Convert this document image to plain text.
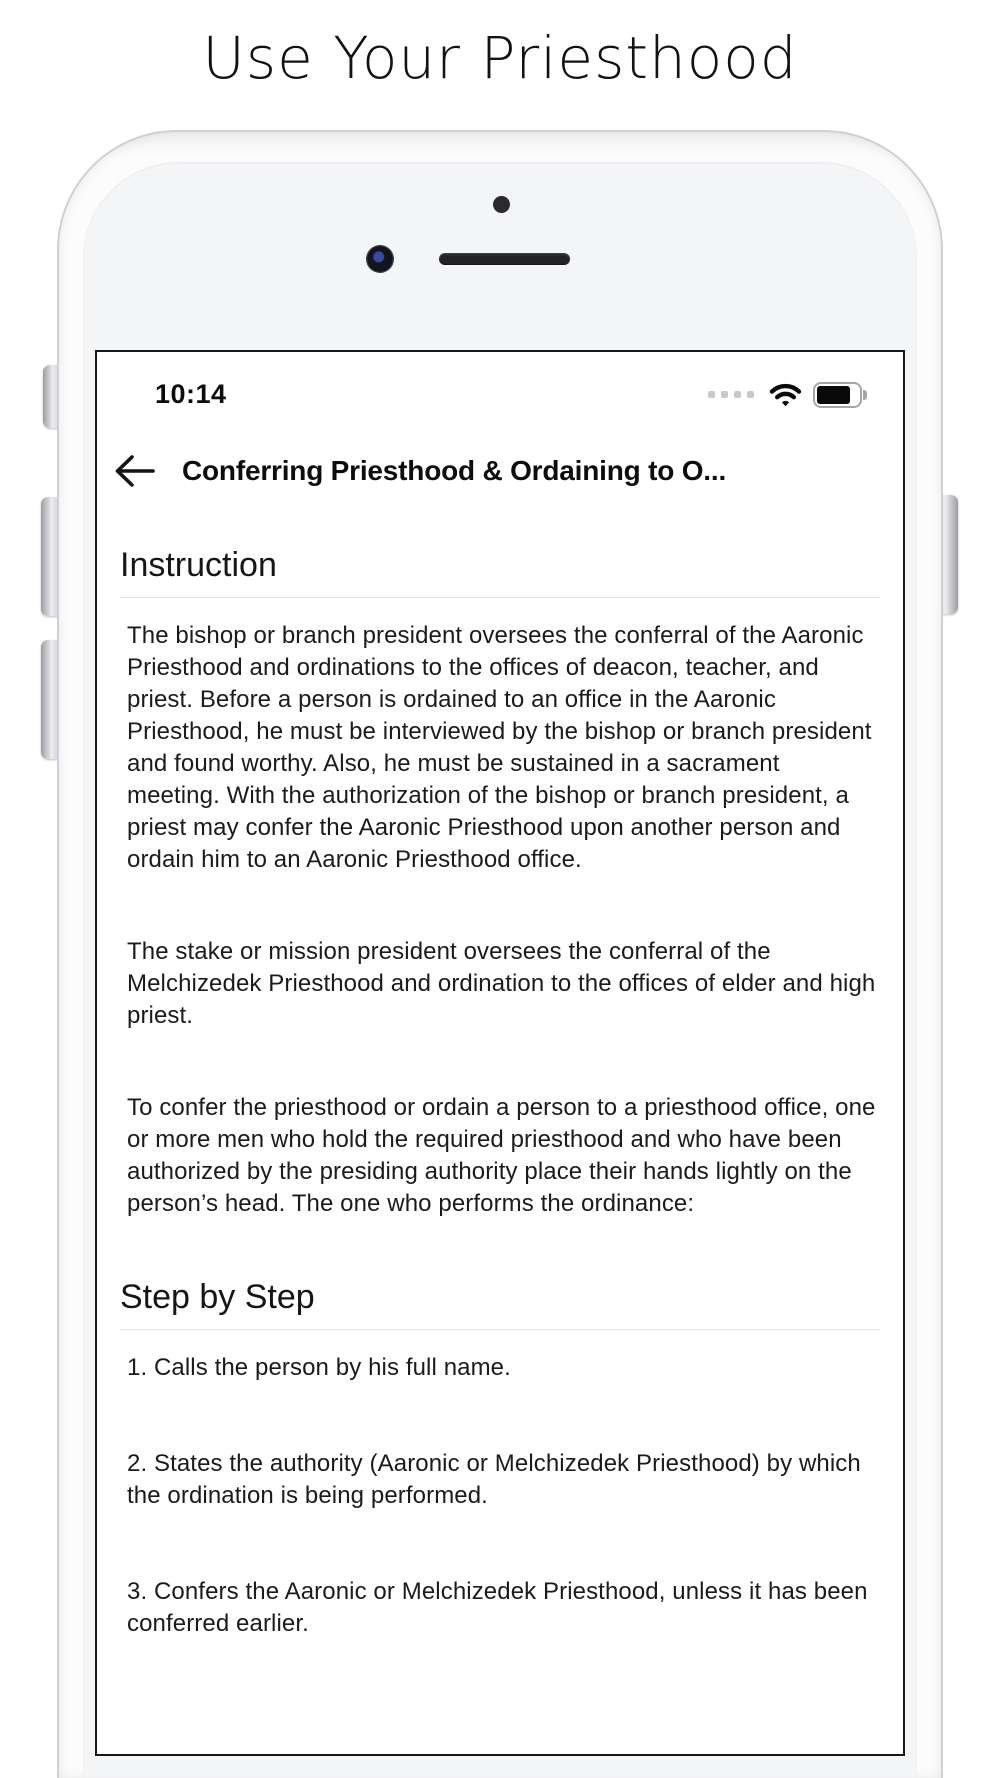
Use Your Priesthood
10:14
Conferring Priesthood & Ordaining to O...
Instruction

The bishop or branch president oversees the conferral of the Aaronic Priesthood and ordinations to the offices of deacon, teacher, and priest. Before a person is ordained to an office in the Aaronic Priesthood, he must be interviewed by the bishop or branch president and found worthy. Also, he must be sustained in a sacrament meeting. With the authorization of the bishop or branch president, a priest may confer the Aaronic Priesthood upon another person and ordain him to an Aaronic Priesthood office.

The stake or mission president oversees the conferral of the Melchizedek Priesthood and ordination to the offices of elder and high priest.

To confer the priesthood or ordain a person to a priesthood office, one or more men who hold the required priesthood and who have been authorized by the presiding authority place their hands lightly on the person’s head. The one who performs the ordinance:

Step by Step

1. Calls the person by his full name.

2. States the authority (Aaronic or Melchizedek Priesthood) by which the ordination is being performed.

3. Confers the Aaronic or Melchizedek Priesthood, unless it has been conferred earlier.
